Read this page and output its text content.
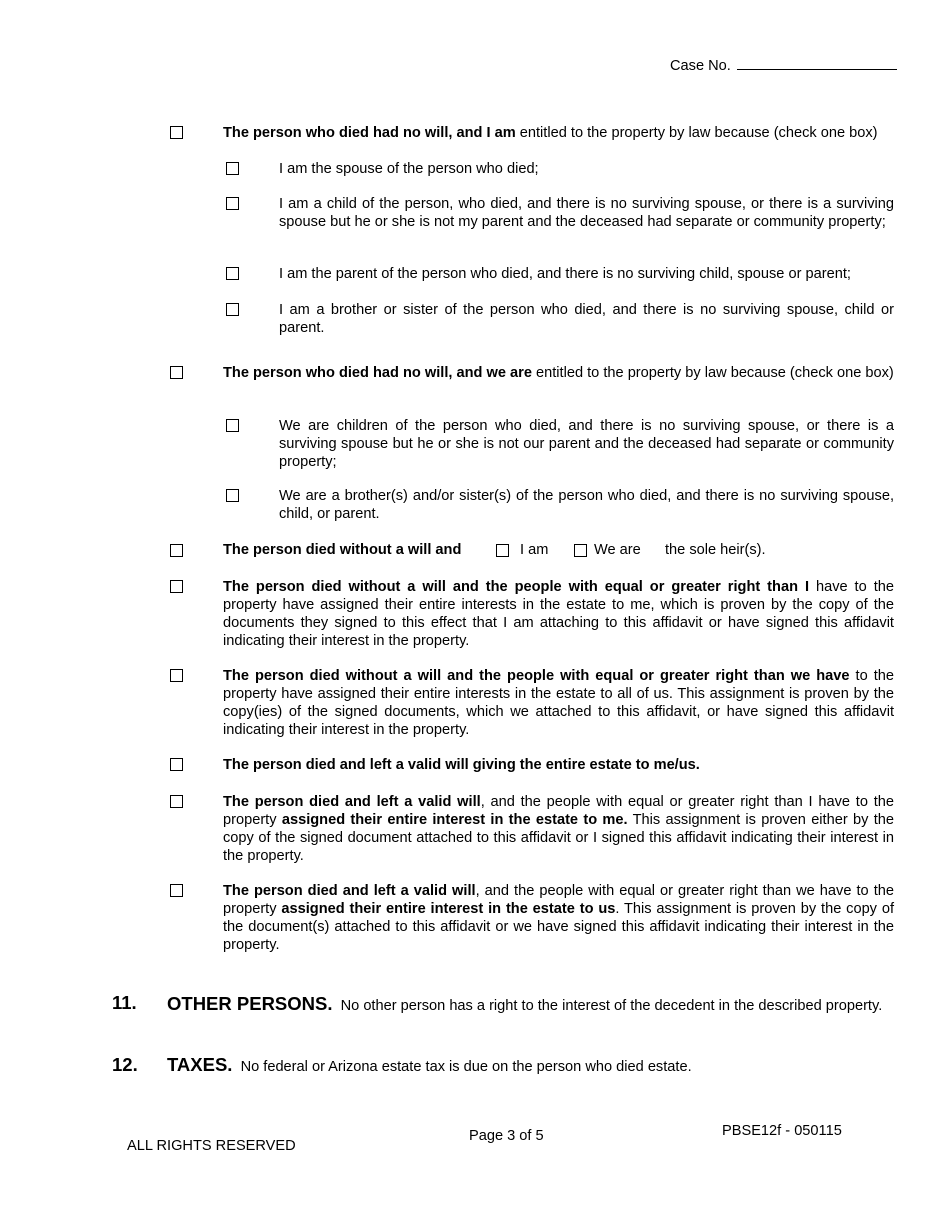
Case No.
The person who died had no will, and I am entitled to the property by law because (check one box)
I am the spouse of the person who died;
I am a child of the person, who died, and there is no surviving spouse, or there is a surviving spouse but he or she is not my parent and the deceased had separate or community property;
I am the parent of the person who died, and there is no surviving child, spouse or parent;
I am a brother or sister of the person who died, and there is no surviving spouse, child or parent.
The person who died had no will, and we are entitled to the property by law because (check one box)
We are children of the person who died, and there is no surviving spouse, or there is a surviving spouse but he or she is not our parent and the deceased had separate or community property;
We are a brother(s) and/or sister(s) of the person who died, and there is no surviving spouse, child, or parent.
The person died without a will and	I am	We are the sole heir(s).
The person died without a will and the people with equal or greater right than I have to the property have assigned their entire interests in the estate to me, which is proven by the copy of the documents they signed to this effect that I am attaching to this affidavit or have signed this affidavit indicating their interest in the property.
The person died without a will and the people with equal or greater right than we have to the property have assigned their entire interests in the estate to all of us. This assignment is proven by the copy(ies) of the signed documents, which we attached to this affidavit, or have signed this affidavit indicating their interest in the property.
The person died and left a valid will giving the entire estate to me/us.
The person died and left a valid will, and the people with equal or greater right than I have to the property assigned their entire interest in the estate to me. This assignment is proven either by the copy of the signed document attached to this affidavit or I signed this affidavit indicating their interest in the property.
The person died and left a valid will, and the people with equal or greater right than we have to the property assigned their entire interest in the estate to us. This assignment is proven by the copy of the document(s) attached to this affidavit or we have signed this affidavit indicating their interest in the property.
11. OTHER PERSONS. No other person has a right to the interest of the decedent in the described property.
12. TAXES. No federal or Arizona estate tax is due on the person who died estate.
ALL RIGHTS RESERVED
Page 3 of 5	PBSE12f - 050115
